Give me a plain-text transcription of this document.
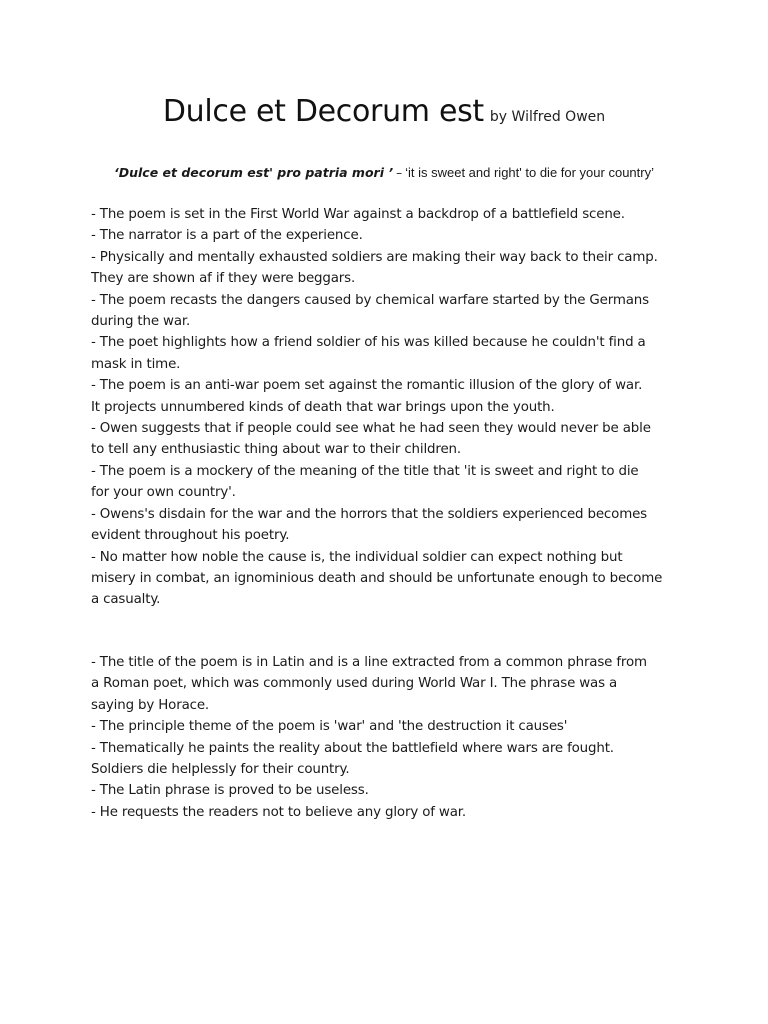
Dulce et Decorum est by Wilfred Owen
‘Dulce et decorum est' pro patria mori ’ – ‘it is sweet and right' to die for your country’
- The poem is set in the First World War against a backdrop of a battlefield scene.
- The narrator is a part of the experience.
- Physically and mentally exhausted soldiers are making their way back to their camp.
They are shown af if they were beggars.
- The poem recasts the dangers caused by chemical warfare started by the Germans
during the war.
- The poet highlights how a friend soldier of his was killed because he couldn't find a
mask in time.
- The poem is an anti-war poem set against the romantic illusion of the glory of war.
It projects unnumbered kinds of death that war brings upon the youth.
- Owen suggests that if people could see what he had seen they would never be able
to tell any enthusiastic thing about war to their children.
- The poem is a mockery of the meaning of the title that 'it is sweet and right to die
for your own country'.
- Owens's disdain for the war and the horrors that the soldiers experienced becomes
evident throughout his poetry.
- No matter how noble the cause is, the individual soldier can expect nothing but
misery in combat, an ignominious death and should be unfortunate enough to become
a casualty.
- The title of the poem is in Latin and is a line extracted from a common phrase from
a Roman poet, which was commonly used during World War I. The phrase was a
saying by Horace.
- The principle theme of the poem is 'war' and 'the destruction it causes'
- Thematically he paints the reality about the battlefield where wars are fought.
Soldiers die helplessly for their country.
- The Latin phrase is proved to be useless.
- He requests the readers not to believe any glory of war.
